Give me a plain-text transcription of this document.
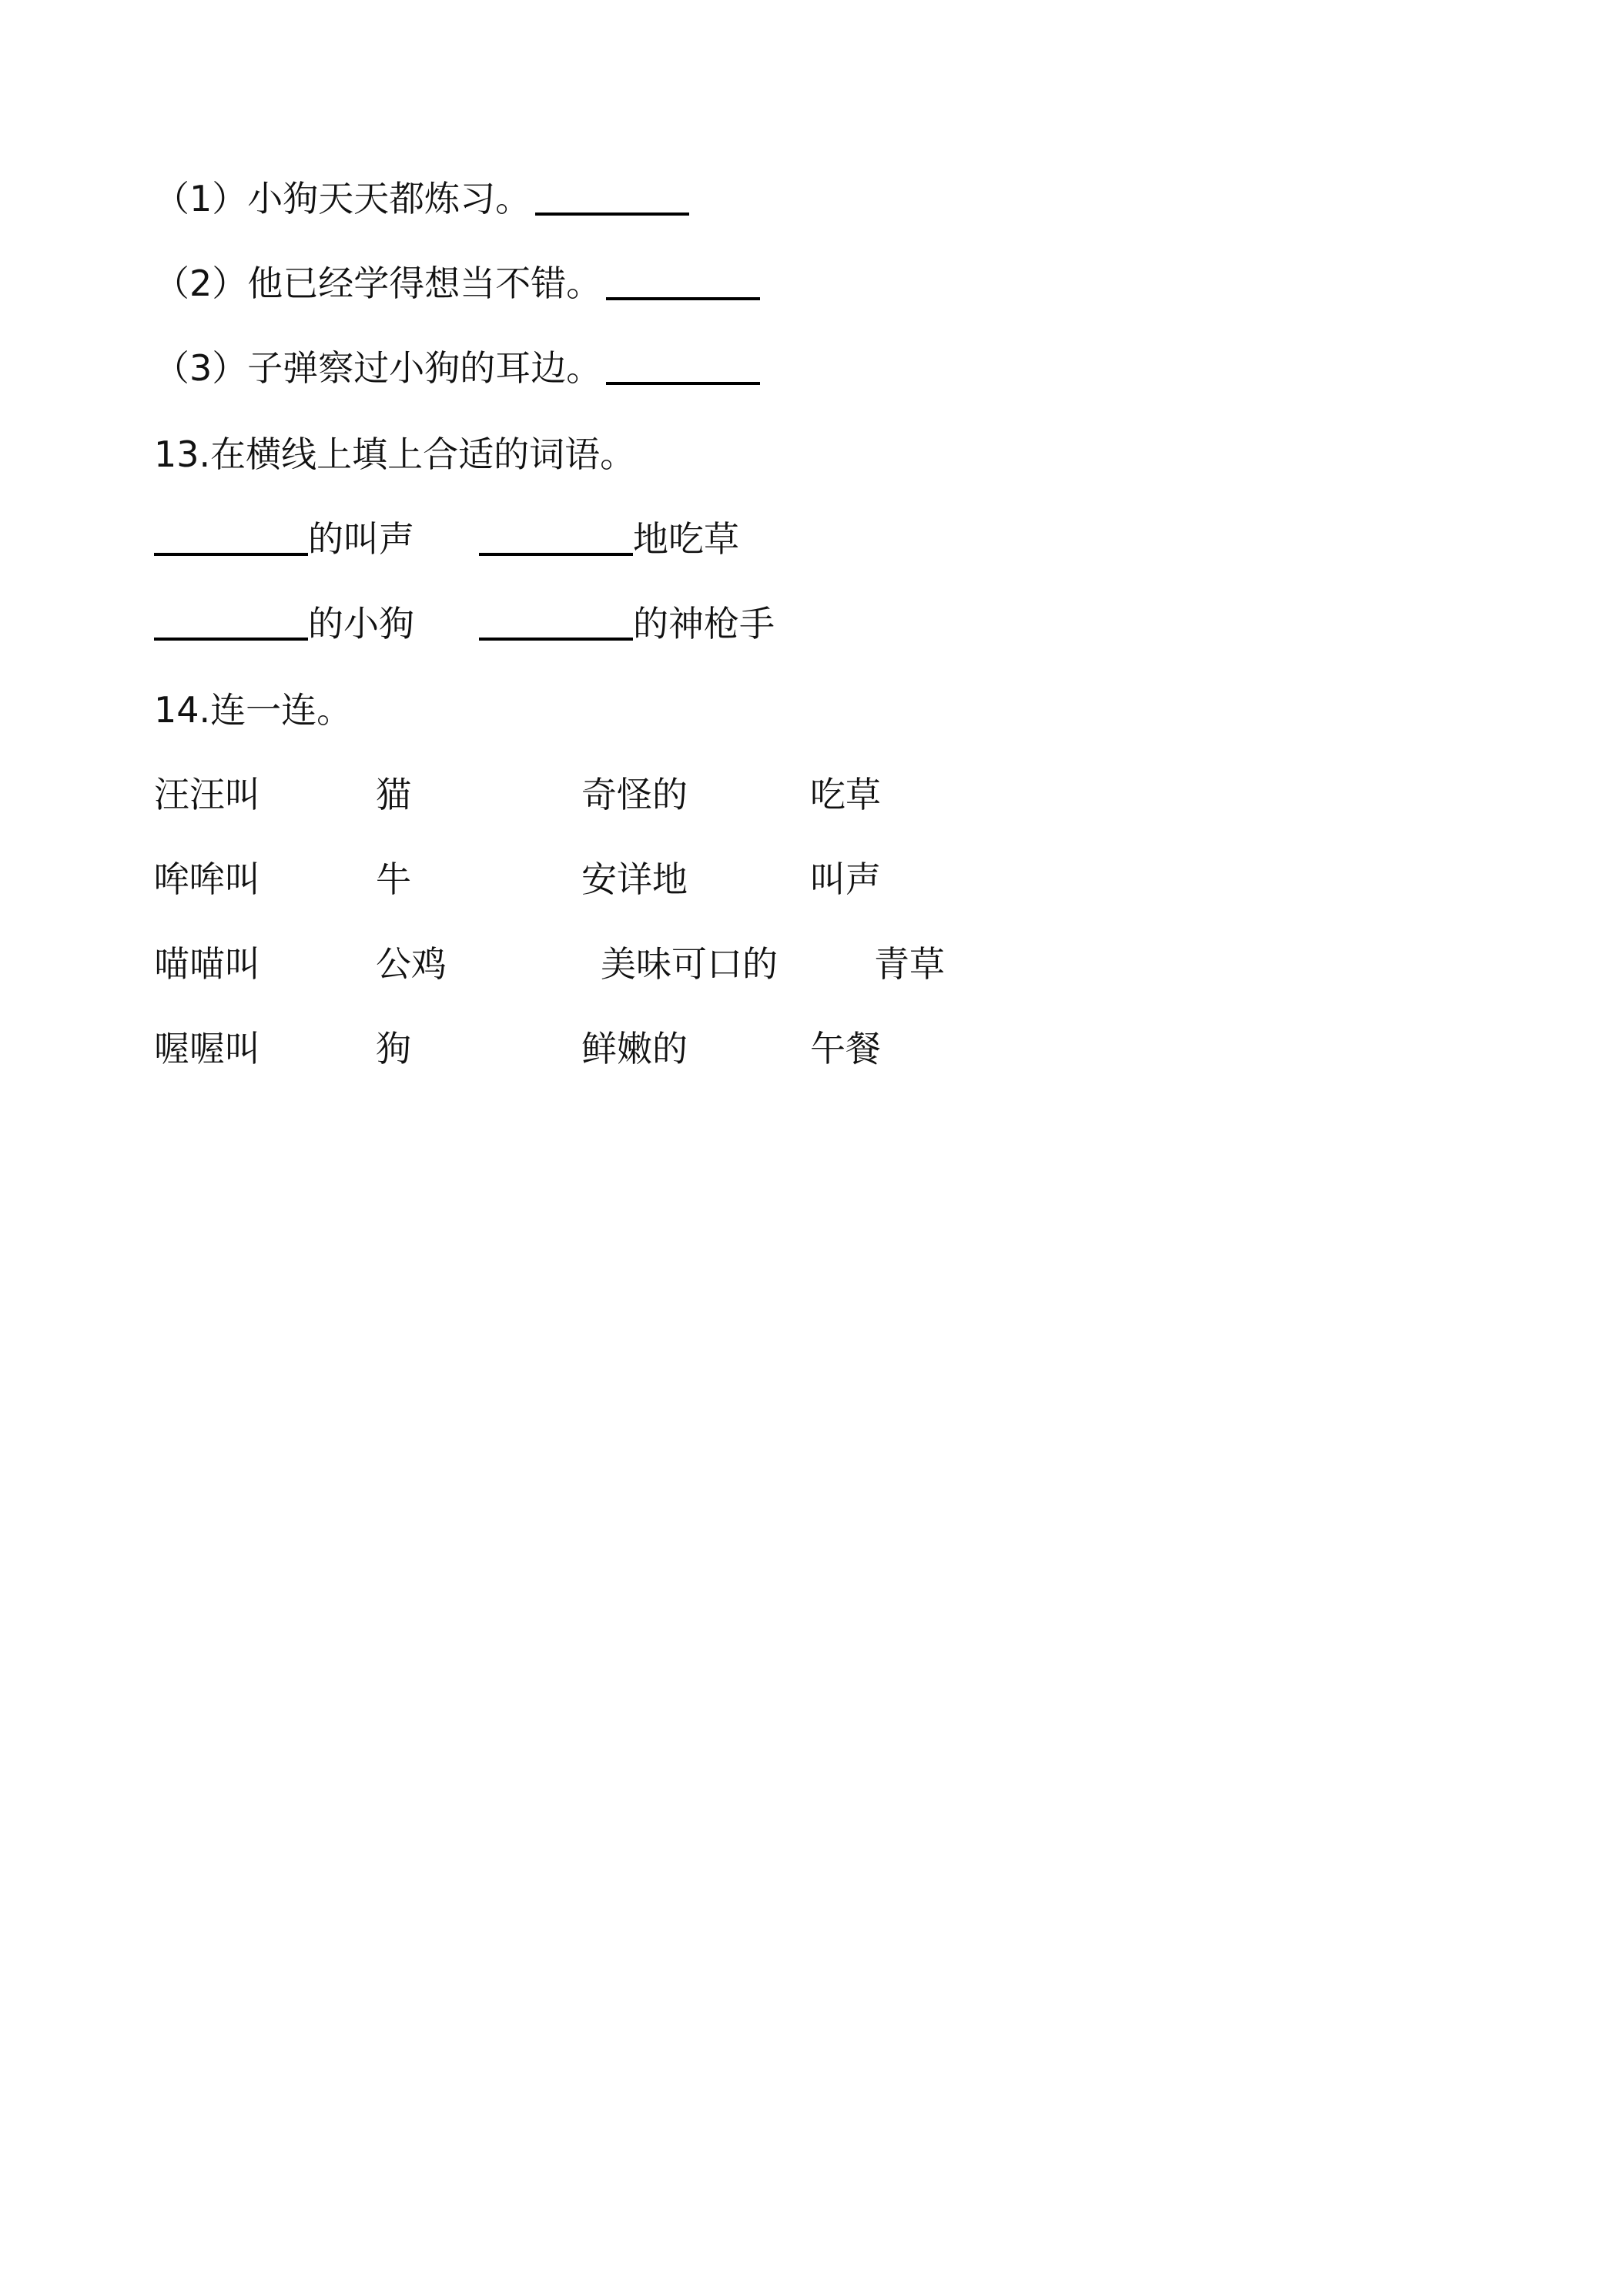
（1）小狗天天都炼习。
（2）他已经学得想当不错。
（3）子弹察过小狗的耳边。
13.在横线上填上合适的词语。
的叫声	地吃草
的小狗	的神枪手
14.连一连。
汪汪叫
哞哞叫
喵喵叫
喔喔叫
猫
牛
公鸡
狗
奇怪的
安详地
美味可口的
鲜嫩的
吃草
叫声
青草
午餐
